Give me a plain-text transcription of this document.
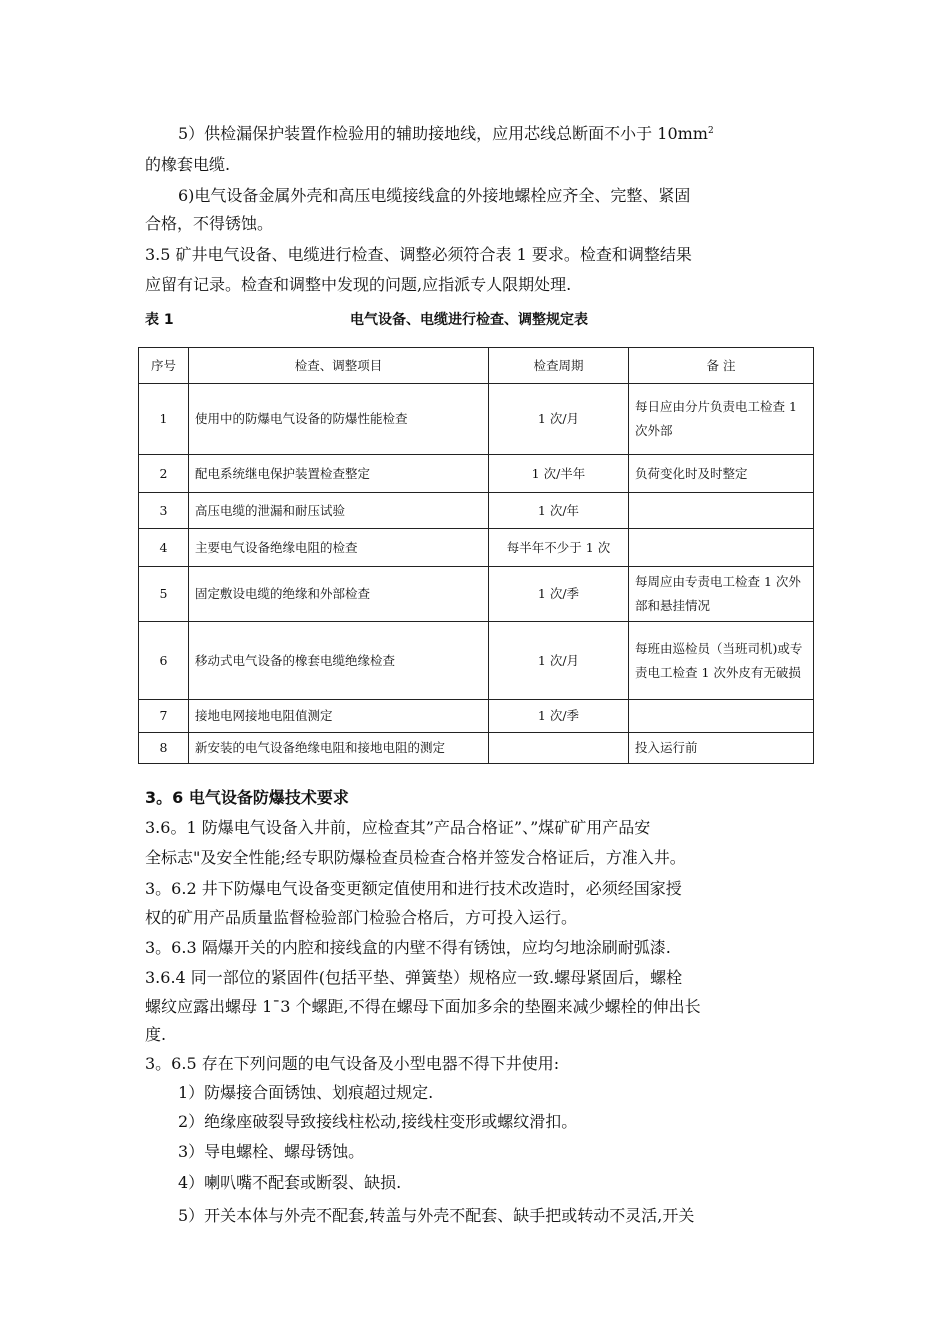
5）供检漏保护装置作检验用的辅助接地线，应用芯线总断面不小于 $10mm^2$
的橡套电缆.
6)电气设备金属外壳和高压电缆接线盒的外接地螺栓应齐全、完整、紧固
合格，不得锈蚀。
3.5 矿井电气设备、电缆进行检查、调整必须符合表 1 要求。检查和调整结果
应留有记录。检查和调整中发现的问题,应指派专人限期处理.
表 1	电气设备、电缆进行检查、调整规定表
序号	检查、调整项目	检查周期	备 注
1	使用中的防爆电气设备的防爆性能检查	1 次/月	每日应由分片负责电工检查 1 次外部
2	配电系统继电保护装置检查整定	1 次/半年	负荷变化时及时整定
3	高压电缆的泄漏和耐压试验	1 次/年	
4	主要电气设备绝缘电阻的检查	每半年不少于 1 次	
5	固定敷设电缆的绝缘和外部检查	1 次/季	每周应由专责电工检查 1 次外部和悬挂情况
6	移动式电气设备的橡套电缆绝缘检查	1 次/月	每班由巡检员（当班司机)或专责电工检查 1 次外皮有无破损
7	接地电网接地电阻值测定	1 次/季	
8	新安装的电气设备绝缘电阻和接地电阻的测定		投入运行前
3。6 电气设备防爆技术要求
3.6。1 防爆电气设备入井前，应检查其”产品合格证”、”煤矿矿用产品安
全标志"及安全性能;经专职防爆检查员检查合格并签发合格证后，方准入井。
3。6.2 井下防爆电气设备变更额定值使用和进行技术改造时，必须经国家授
权的矿用产品质量监督检验部门检验合格后，方可投入运行。
3。6.3 隔爆开关的内腔和接线盒的内壁不得有锈蚀，应均匀地涂刷耐弧漆.
3.6.4 同一部位的紧固件(包括平垫、弹簧垫）规格应一致.螺母紧固后，螺栓
螺纹应露出螺母 1¯3 个螺距,不得在螺母下面加多余的垫圈来减少螺栓的伸出长
度.
3。6.5 存在下列问题的电气设备及小型电器不得下井使用:
1）防爆接合面锈蚀、划痕超过规定.
2）绝缘座破裂导致接线柱松动,接线柱变形或螺纹滑扣。
3）导电螺栓、螺母锈蚀。
4）喇叭嘴不配套或断裂、缺损.
5）开关本体与外壳不配套,转盖与外壳不配套、缺手把或转动不灵活,开关
